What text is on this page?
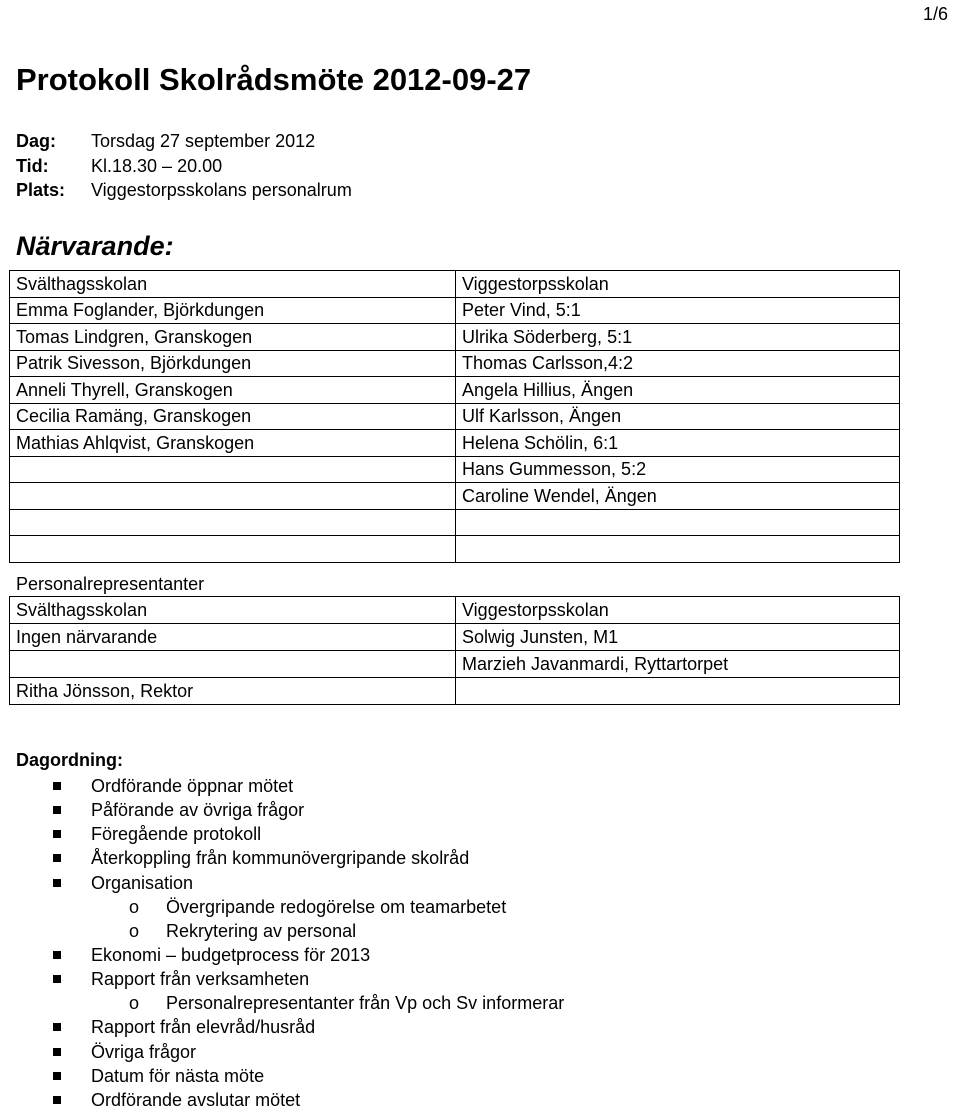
1/6
Protokoll Skolrådsmöte 2012-09-27
Dag:	Torsdag 27 september 2012
Tid:	Kl.18.30 – 20.00
Plats:	Viggestorpsskolans personalrum
Närvarande:
Svälthagsskolan	Viggestorpsskolan
Emma Foglander, Björkdungen	Peter Vind, 5:1
Tomas Lindgren, Granskogen	Ulrika Söderberg, 5:1
Patrik Sivesson, Björkdungen	Thomas Carlsson,4:2
Anneli Thyrell, Granskogen	Angela Hillius, Ängen
Cecilia Ramäng, Granskogen	Ulf Karlsson, Ängen
Mathias Ahlqvist, Granskogen	Helena Schölin, 6:1
	Hans Gummesson, 5:2
	Caroline Wendel, Ängen

Personalrepresentanter
Svälthagsskolan	Viggestorpsskolan
Ingen närvarande	Solwig Junsten, M1
	Marzieh Javanmardi, Ryttartorpet
Ritha Jönsson, Rektor	
Dagordning:
Ordförande öppnar mötet
Påförande av övriga frågor
Föregående protokoll
Återkoppling från kommunövergripande skolråd
Organisation
o	Övergripande redogörelse om teamarbetet
o	Rekrytering av personal
Ekonomi – budgetprocess för 2013
Rapport från verksamheten
o	Personalrepresentanter från Vp och Sv informerar
Rapport från elevråd/husråd
Övriga frågor
Datum för nästa möte
Ordförande avslutar mötet
